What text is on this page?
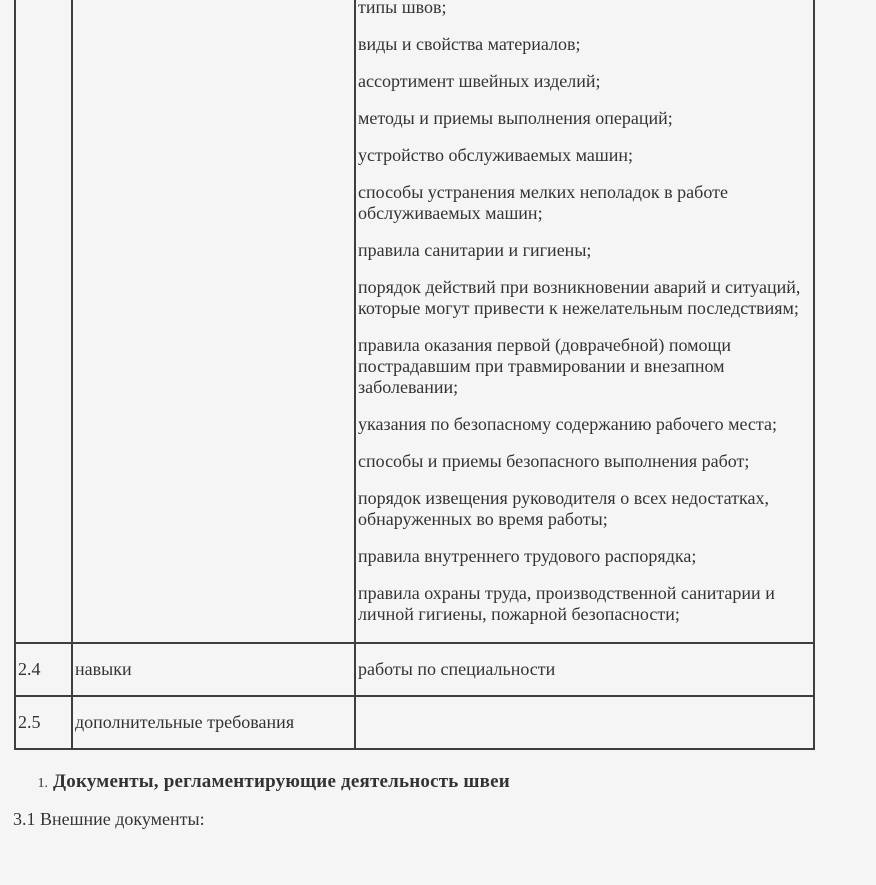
типы швов;

виды и свойства материалов;

ассортимент швейных изделий;

методы и приемы выполнения операций;

устройство обслуживаемых машин;

способы устранения мелких неполадок в работе обслуживаемых машин;

правила санитарии и гигиены;

порядок действий при возникновении аварий и ситуаций, которые могут привести к нежелательным последствиям;

правила оказания первой (доврачебной) помощи пострадавшим при травмировании и внезапном заболевании;

указания по безопасному содержанию рабочего места;

способы и приемы безопасного выполнения работ;

порядок извещения руководителя о всех недостатках, обнаруженных во время работы;

правила внутреннего трудового распорядка;

правила охраны труда, производственной санитарии и личной гигиены, пожарной безопасности;

2.4	навыки	работы по специальности
2.5	дополнительные требования	
1. Документы, регламентирующие деятельность швеи

3.1 Внешние документы:
